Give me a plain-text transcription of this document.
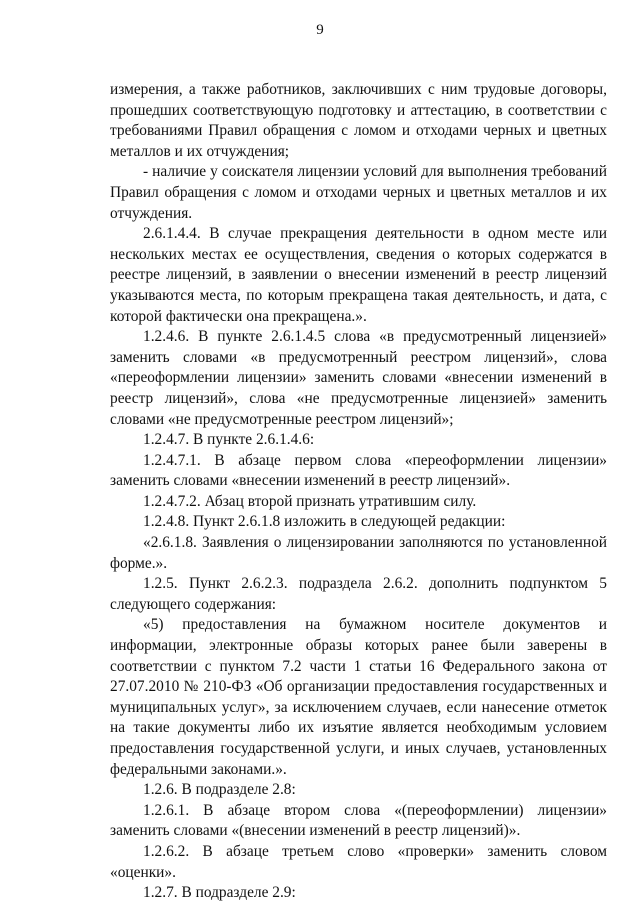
9

измерения, а также работников, заключивших с ним трудовые договоры, прошедших соответствующую подготовку и аттестацию, в соответствии с требованиями Правил обращения с ломом и отходами черных и цветных металлов и их отчуждения;

- наличие у соискателя лицензии условий для выполнения требований Правил обращения с ломом и отходами черных и цветных металлов и их отчуждения.

2.6.1.4.4. В случае прекращения деятельности в одном месте или нескольких местах ее осуществления, сведения о которых содержатся в реестре лицензий, в заявлении о внесении изменений в реестр лицензий указываются места, по которым прекращена такая деятельность, и дата, с которой фактически она прекращена.».

1.2.4.6. В пункте 2.6.1.4.5 слова «в предусмотренный лицензией» заменить словами «в предусмотренный реестром лицензий», слова «переоформлении лицензии» заменить словами «внесении изменений в реестр лицензий», слова «не предусмотренные лицензией» заменить словами «не предусмотренные реестром лицензий»;

1.2.4.7. В пункте 2.6.1.4.6:

1.2.4.7.1. В абзаце первом слова «переоформлении лицензии» заменить словами «внесении изменений в реестр лицензий».

1.2.4.7.2. Абзац второй признать утратившим силу.

1.2.4.8. Пункт 2.6.1.8 изложить в следующей редакции:

«2.6.1.8. Заявления о лицензировании заполняются по установленной форме.».

1.2.5. Пункт 2.6.2.3. подраздела 2.6.2. дополнить подпунктом 5 следующего содержания:

«5) предоставления на бумажном носителе документов и информации, электронные образы которых ранее были заверены в соответствии с пунктом 7.2 части 1 статьи 16 Федерального закона от 27.07.2010 № 210-ФЗ «Об организации предоставления государственных и муниципальных услуг», за исключением случаев, если нанесение отметок на такие документы либо их изъятие является необходимым условием предоставления государственной услуги, и иных случаев, установленных федеральными законами.».

1.2.6. В подразделе 2.8:

1.2.6.1. В абзаце втором слова «(переоформлении) лицензии» заменить словами «(внесении изменений в реестр лицензий)».

1.2.6.2. В абзаце третьем слово «проверки» заменить словом «оценки».

1.2.7. В подразделе 2.9:
